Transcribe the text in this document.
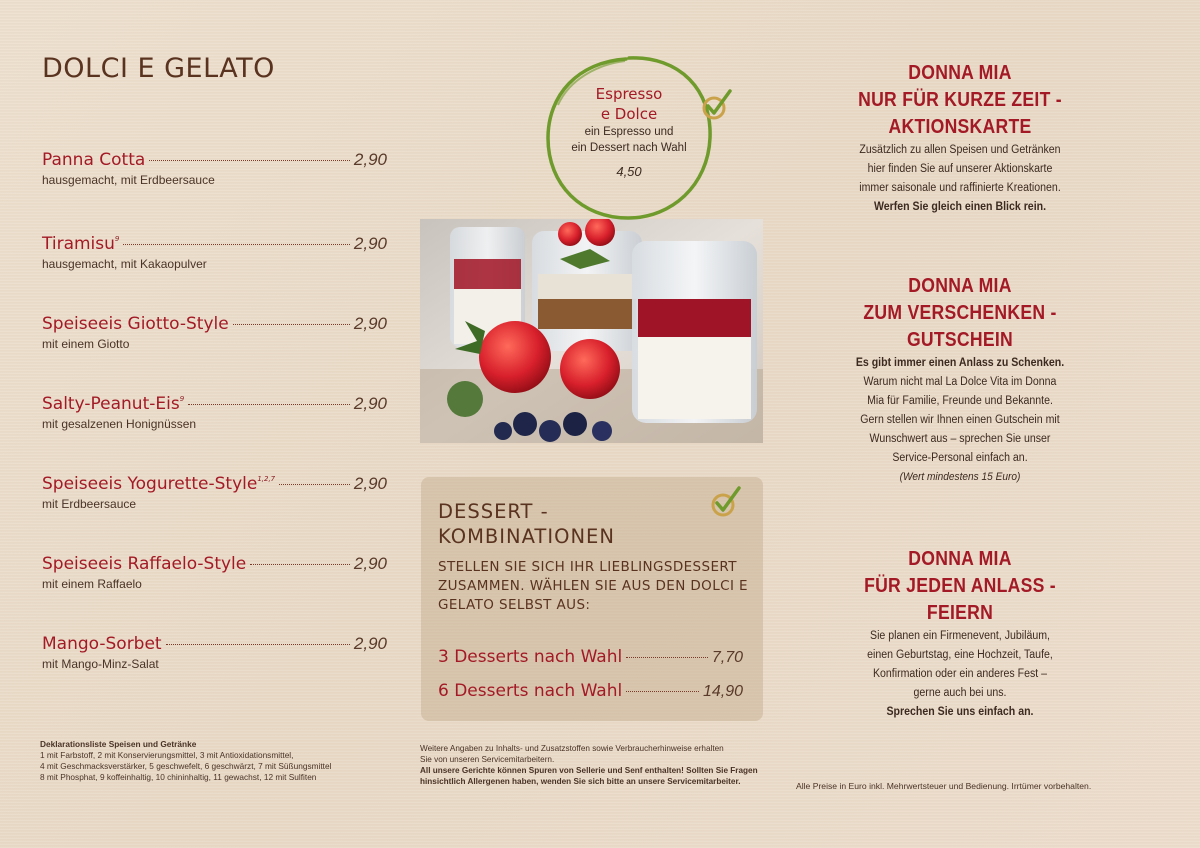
DOLCI E GELATO
Panna Cotta	2,90
hausgemacht, mit Erdbeersauce
Tiramisu$^9$	2,90
hausgemacht, mit Kakaopulver
Speiseeis Giotto-Style	2,90
mit einem Giotto
Salty-Peanut-Eis$^9$	2,90
mit gesalzenen Honignüssen
Speiseeis Yogurette-Style$^{1,2,7}$	2,90
mit Erdbeersauce
Speiseeis Raffaelo-Style	2,90
mit einem Raffaelo
Mango-Sorbet	2,90
mit Mango-Minz-Salat
Deklarationsliste Speisen und Getränke
1 mit Farbstoff, 2 mit Konservierungsmittel, 3 mit Antioxidationsmittel,
4 mit Geschmacksverstärker, 5 geschwefelt, 6 geschwärzt, 7 mit Süßungsmittel
8 mit Phosphat, 9 koffeinhaltig, 10 chininhaltig, 11 gewachst, 12 mit Sulfiten
Espresso
e Dolce
ein Espresso und
ein Dessert nach Wahl
4,50
DESSERT -
KOMBINATIONEN
STELLEN SIE SICH IHR LIEBLINGSDESSERT ZUSAMMEN. WÄHLEN SIE AUS DEN DOLCI E GELATO SELBST AUS:
3 Desserts nach Wahl	7,70
6 Desserts nach Wahl	14,90
Weitere Angaben zu Inhalts- und Zusatzstoffen sowie Verbraucherhinweise erhalten
Sie von unseren Servicemitarbeitern.
All unsere Gerichte können Spuren von Sellerie und Senf enthalten! Sollten Sie Fragen
hinsichtlich Allergenen haben, wenden Sie sich bitte an unsere Servicemitarbeiter.
DONNA MIA
NUR FÜR KURZE ZEIT -
AKTIONSKARTE
Zusätzlich zu allen Speisen und Getränken
hier finden Sie auf unserer Aktionskarte
immer saisonale und raffinierte Kreationen.
Werfen Sie gleich einen Blick rein.
DONNA MIA
ZUM VERSCHENKEN -
GUTSCHEIN
Es gibt immer einen Anlass zu Schenken.
Warum nicht mal La Dolce Vita im Donna
Mia für Familie, Freunde und Bekannte.
Gern stellen wir Ihnen einen Gutschein mit
Wunschwert aus – sprechen Sie unser
Service-Personal einfach an.
(Wert mindestens 15 Euro)
DONNA MIA
FÜR JEDEN ANLASS -
FEIERN
Sie planen ein Firmenevent, Jubiläum,
einen Geburtstag, eine Hochzeit, Taufe,
Konfirmation oder ein anderes Fest –
gerne auch bei uns.
Sprechen Sie uns einfach an.
Alle Preise in Euro inkl. Mehrwertsteuer und Bedienung. Irrtümer vorbehalten.
